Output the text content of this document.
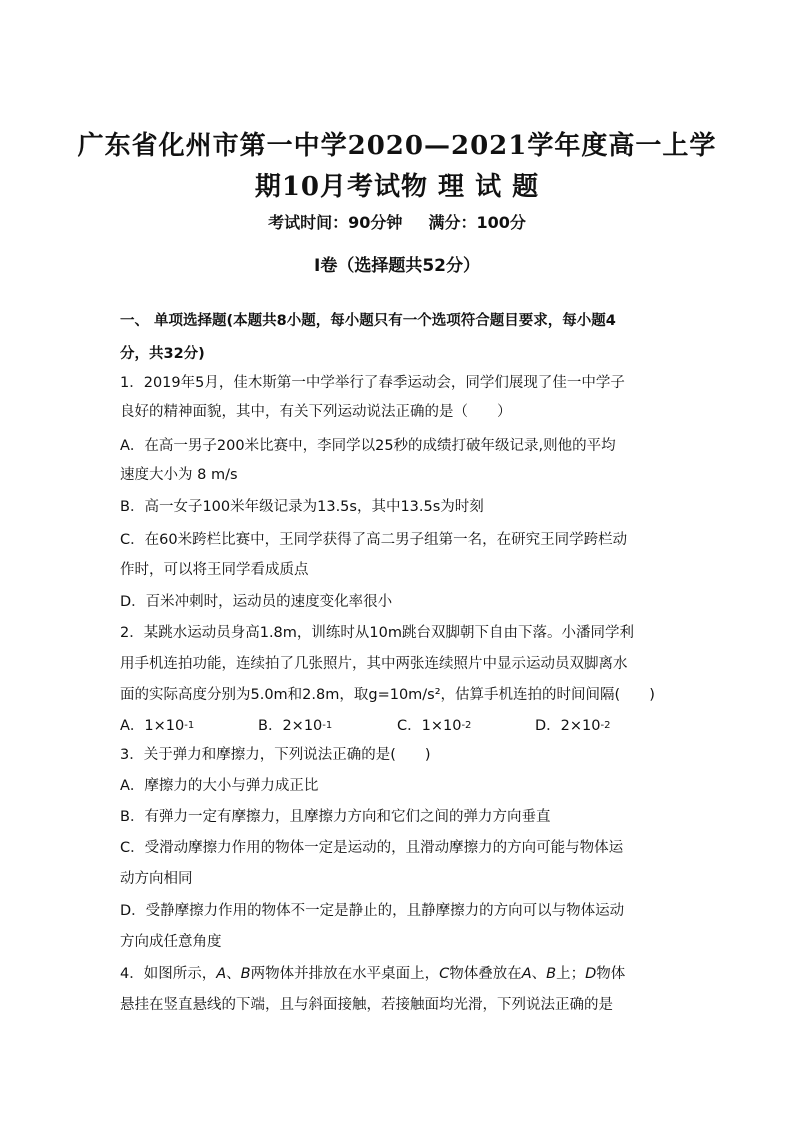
广东省化州市第一中学2020—2021学年度高一上学
期10月考试物 理 试 题
考试时间：90分钟 满分：100分
I卷（选择题共52分）
一、 单项选择题(本题共8小题，每小题只有一个选项符合题目要求，每小题4
分，共32分)
1．2019年5月，佳木斯第一中学举行了春季运动会，同学们展现了佳一中学子
良好的精神面貌，其中，有关下列运动说法正确的是（　　）
A．在高一男子200米比赛中，李同学以25秒的成绩打破年级记录,则他的平均
速度大小为 8 m/s
B．高一女子100米年级记录为13.5s，其中13.5s为时刻
C．在60米跨栏比赛中，王同学获得了高二男子组第一名，在研究王同学跨栏动
作时，可以将王同学看成质点
D．百米冲刺时，运动员的速度变化率很小
2．某跳水运动员身高1.8m，训练时从10m跳台双脚朝下自由下落。小潘同学利
用手机连拍功能，连续拍了几张照片，其中两张连续照片中显示运动员双脚离水
面的实际高度分别为5.0m和2.8m，取g=10m/s²，估算手机连拍的时间间隔(　　)
A．$1\times 10^{-1}$	B．$2\times 10^{-1}$	C．$1\times 10^{-2}$	D．$2\times 10^{-2}$
3．关于弹力和摩擦力，下列说法正确的是(　　)
A．摩擦力的大小与弹力成正比
B．有弹力一定有摩擦力，且摩擦力方向和它们之间的弹力方向垂直
C．受滑动摩擦力作用的物体一定是运动的，且滑动摩擦力的方向可能与物体运
动方向相同
D．受静摩擦力作用的物体不一定是静止的，且静摩擦力的方向可以与物体运动
方向成任意角度
4．如图所示，A、B两物体并排放在水平桌面上，C物体叠放在A、B上；D物体
悬挂在竖直悬线的下端，且与斜面接触，若接触面均光滑，下列说法正确的是
